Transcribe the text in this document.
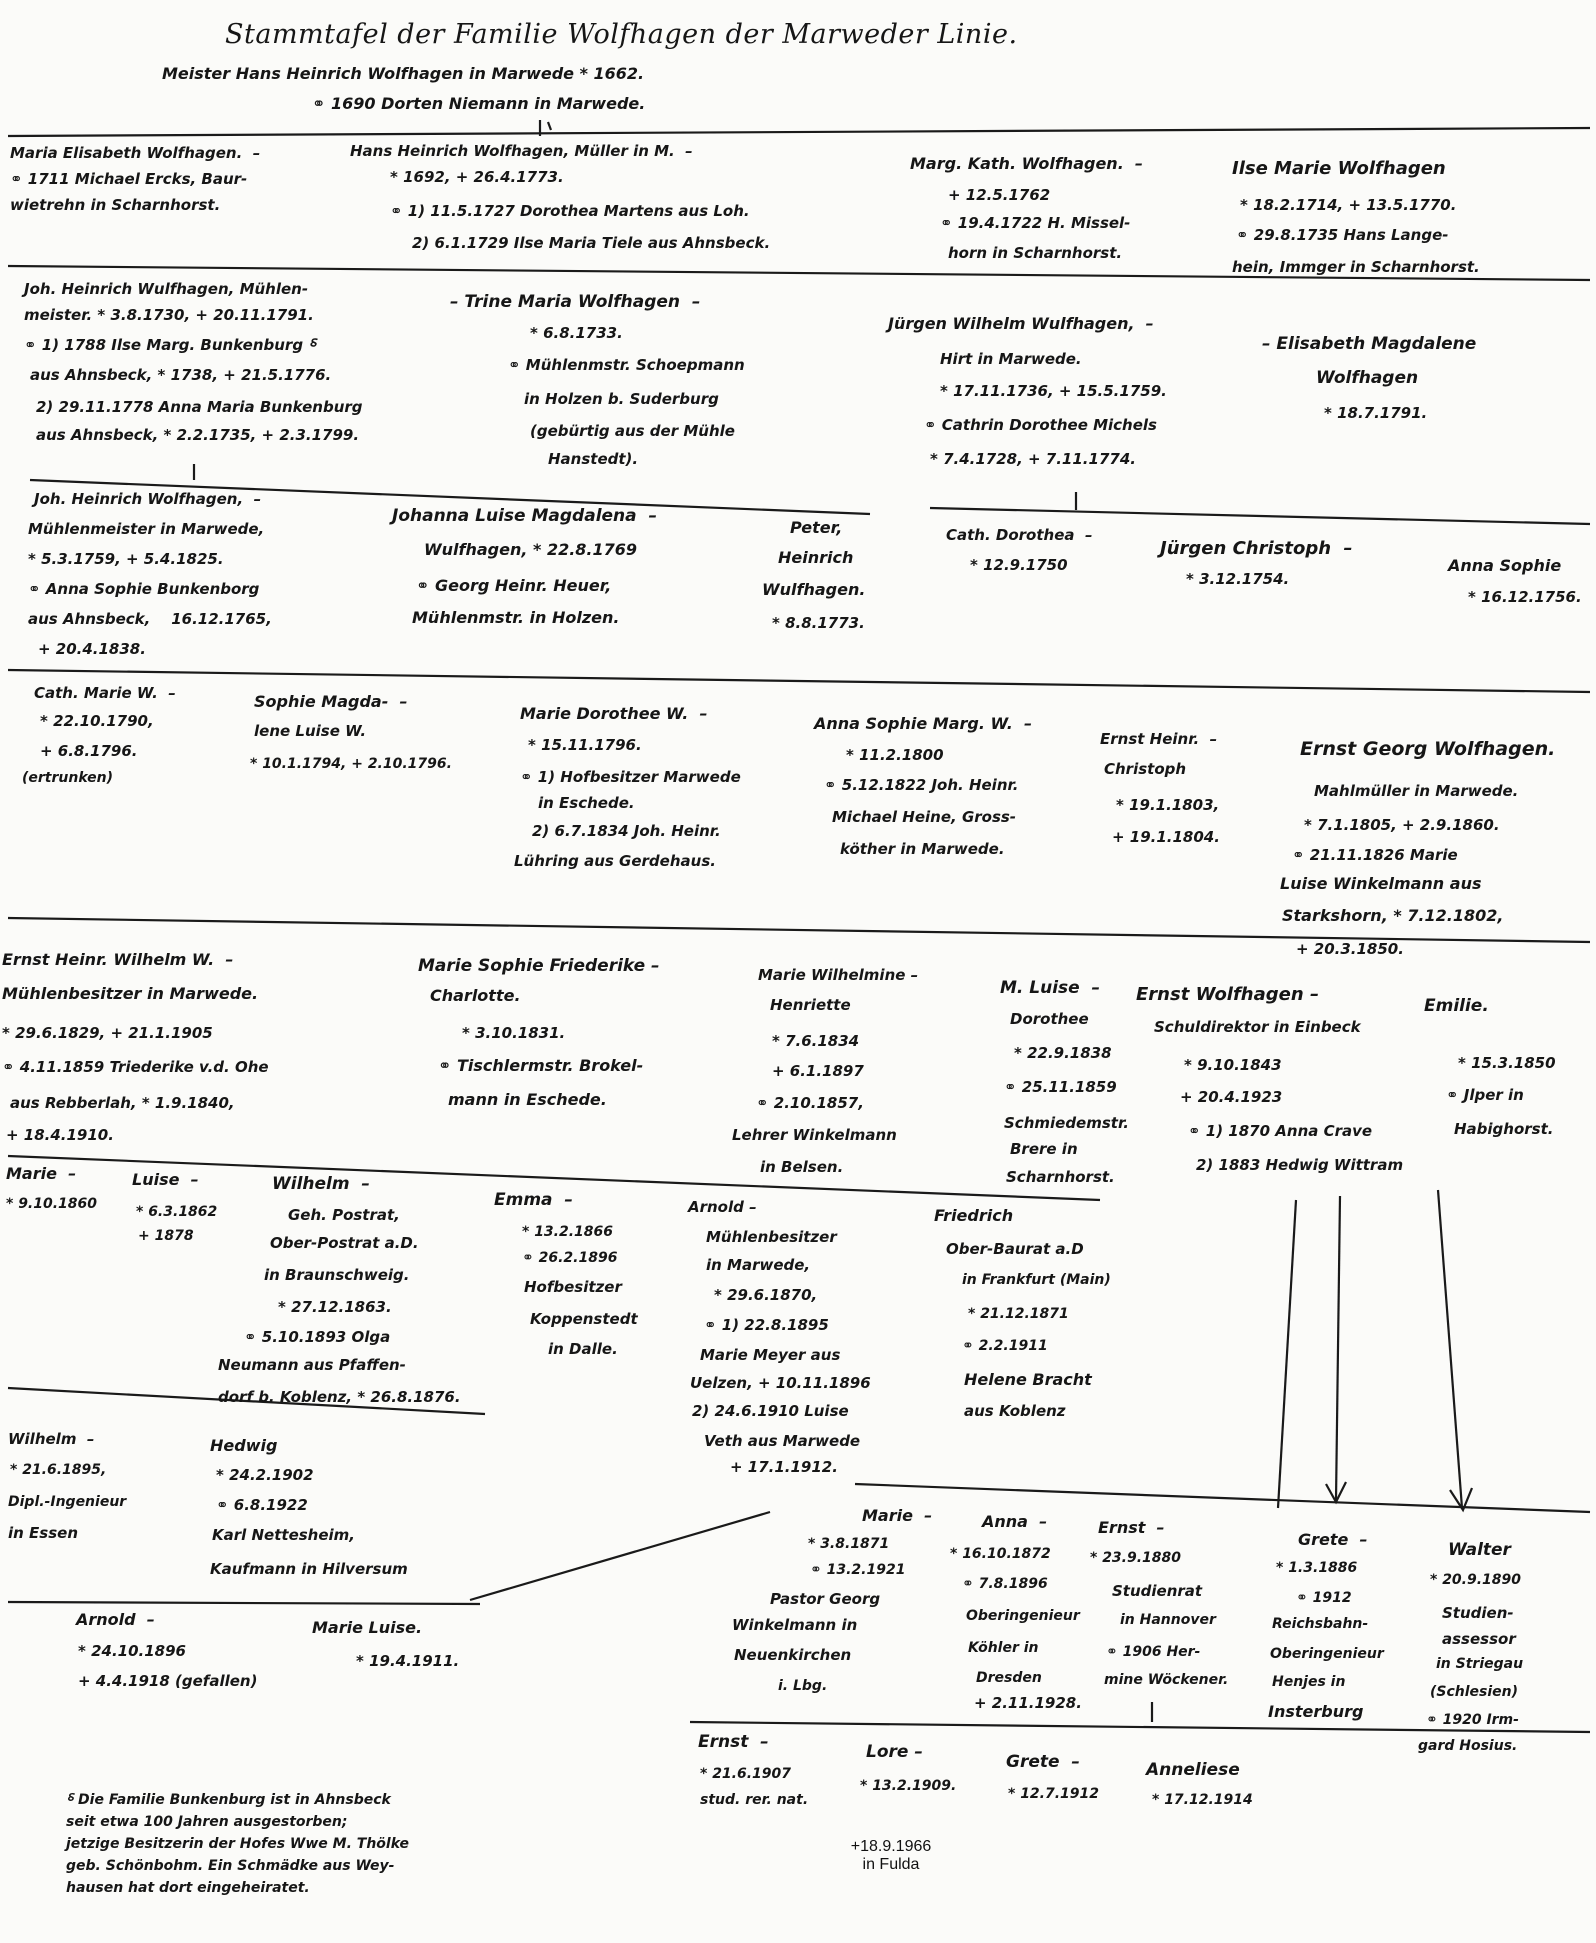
Stammtafel der Familie Wolfhagen der Marweder Linie.
Meister Hans Heinrich Wolfhagen in Marwede * 1662.
⚭ 1690 Dorten Niemann in Marwede.
Maria Elisabeth Wolfhagen.  –
⚭ 1711 Michael Ercks, Baur-
wietrehn in Scharnhorst.
Hans Heinrich Wolfhagen, Müller in M.  –
* 1692, + 26.4.1773.
⚭ 1) 11.5.1727 Dorothea Martens aus Loh.
2) 6.1.1729 Ilse Maria Tiele aus Ahnsbeck.
Marg. Kath. Wolfhagen.  –
+ 12.5.1762
⚭ 19.4.1722 H. Missel-
horn in Scharnhorst.
Ilse Marie Wolfhagen
* 18.2.1714, + 13.5.1770.
⚭ 29.8.1735 Hans Lange-
hein, Immger in Scharnhorst.
Joh. Heinrich Wulfhagen, Mühlen-
meister. * 3.8.1730, + 20.11.1791.
⚭ 1) 1788 Ilse Marg. Bunkenburg ⸹
aus Ahnsbeck, * 1738, + 21.5.1776.
2) 29.11.1778 Anna Maria Bunkenburg
aus Ahnsbeck, * 2.2.1735, + 2.3.1799.
– Trine Maria Wolfhagen  –
* 6.8.1733.
⚭ Mühlenmstr. Schoepmann
in Holzen b. Suderburg
(gebürtig aus der Mühle
Hanstedt).
Jürgen Wilhelm Wulfhagen,  –
Hirt in Marwede.
* 17.11.1736, + 15.5.1759.
⚭ Cathrin Dorothee Michels
* 7.4.1728, + 7.11.1774.
– Elisabeth Magdalene
Wolfhagen
* 18.7.1791.
Joh. Heinrich Wolfhagen,  –
Mühlenmeister in Marwede,
* 5.3.1759, + 5.4.1825.
⚭ Anna Sophie Bunkenborg
aus Ahnsbeck,    16.12.1765,
+ 20.4.1838.
Johanna Luise Magdalena  –
Wulfhagen, * 22.8.1769
⚭ Georg Heinr. Heuer,
Mühlenmstr. in Holzen.
Peter,
Heinrich
Wulfhagen.
* 8.8.1773.
Cath. Dorothea  –
* 12.9.1750
Jürgen Christoph  –
* 3.12.1754.
Anna Sophie
* 16.12.1756.
Cath. Marie W.  –
* 22.10.1790,
+ 6.8.1796.
(ertrunken)
Sophie Magda-  –
lene Luise W.
* 10.1.1794, + 2.10.1796.
Marie Dorothee W.  –
* 15.11.1796.
⚭ 1) Hofbesitzer Marwede
in Eschede.
2) 6.7.1834 Joh. Heinr.
Lühring aus Gerdehaus.
Anna Sophie Marg. W.  –
* 11.2.1800
⚭ 5.12.1822 Joh. Heinr.
Michael Heine, Gross-
köther in Marwede.
Ernst Heinr.  –
Christoph
* 19.1.1803,
+ 19.1.1804.
Ernst Georg Wolfhagen.
Mahlmüller in Marwede.
* 7.1.1805, + 2.9.1860.
⚭ 21.11.1826 Marie
Luise Winkelmann aus
Starkshorn, * 7.12.1802,
+ 20.3.1850.
Ernst Heinr. Wilhelm W.  –
Mühlenbesitzer in Marwede.
* 29.6.1829, + 21.1.1905
⚭ 4.11.1859 Triederike v.d. Ohe
aus Rebberlah, * 1.9.1840,
+ 18.4.1910.
Marie Sophie Friederike –
Charlotte.
* 3.10.1831.
⚭ Tischlermstr. Brokel-
mann in Eschede.
Marie Wilhelmine –
Henriette
* 7.6.1834
+ 6.1.1897
⚭ 2.10.1857,
Lehrer Winkelmann
in Belsen.
M. Luise  –
Dorothee
* 22.9.1838
⚭ 25.11.1859
Schmiedemstr.
Brere in
Scharnhorst.
Ernst Wolfhagen –
Schuldirektor in Einbeck
* 9.10.1843
+ 20.4.1923
⚭ 1) 1870 Anna Crave
2) 1883 Hedwig Wittram
Emilie.
* 15.3.1850
⚭ Jlper in
Habighorst.
Marie  –
* 9.10.1860
Luise  –
* 6.3.1862
+ 1878
Wilhelm  –
Geh. Postrat,
Ober-Postrat a.D.
in Braunschweig.
* 27.12.1863.
⚭ 5.10.1893 Olga
Neumann aus Pfaffen-
dorf b. Koblenz, * 26.8.1876.
Emma  –
* 13.2.1866
⚭ 26.2.1896
Hofbesitzer
Koppenstedt
in Dalle.
Arnold –
Mühlenbesitzer
in Marwede,
* 29.6.1870,
⚭ 1) 22.8.1895
Marie Meyer aus
Uelzen, + 10.11.1896
2) 24.6.1910 Luise
Veth aus Marwede
+ 17.1.1912.
Friedrich
Ober-Baurat a.D
in Frankfurt (Main)
* 21.12.1871
⚭ 2.2.1911
Helene Bracht
aus Koblenz
Wilhelm  –
* 21.6.1895,
Dipl.-Ingenieur
in Essen
Hedwig
* 24.2.1902
⚭ 6.8.1922
Karl Nettesheim,
Kaufmann in Hilversum
Arnold  –
* 24.10.1896
+ 4.4.1918 (gefallen)
Marie Luise.
* 19.4.1911.
Marie  –
* 3.8.1871
⚭ 13.2.1921
Pastor Georg
Winkelmann in
Neuenkirchen
i. Lbg.
Anna  –
* 16.10.1872
⚭ 7.8.1896
Oberingenieur
Köhler in
Dresden
+ 2.11.1928.
Ernst  –
* 23.9.1880
Studienrat
in Hannover
⚭ 1906 Her-
mine Wöckener.
Grete  –
* 1.3.1886
⚭ 1912
Reichsbahn-
Oberingenieur
Henjes in
Insterburg
Walter
* 20.9.1890
Studien-
assessor
in Striegau
(Schlesien)
⚭ 1920 Irm-
gard Hosius.
Ernst  –
* 21.6.1907
stud. rer. nat.
Lore –
* 13.2.1909.
Grete  –
* 12.7.1912
Anneliese
* 17.12.1914
+18.9.1966
in Fulda
⸹ Die Familie Bunkenburg ist in Ahnsbeck
seit etwa 100 Jahren ausgestorben;
jetzige Besitzerin der Hofes Wwe M. Thölke
geb. Schönbohm. Ein Schmädke aus Wey-
hausen hat dort eingeheiratet.
